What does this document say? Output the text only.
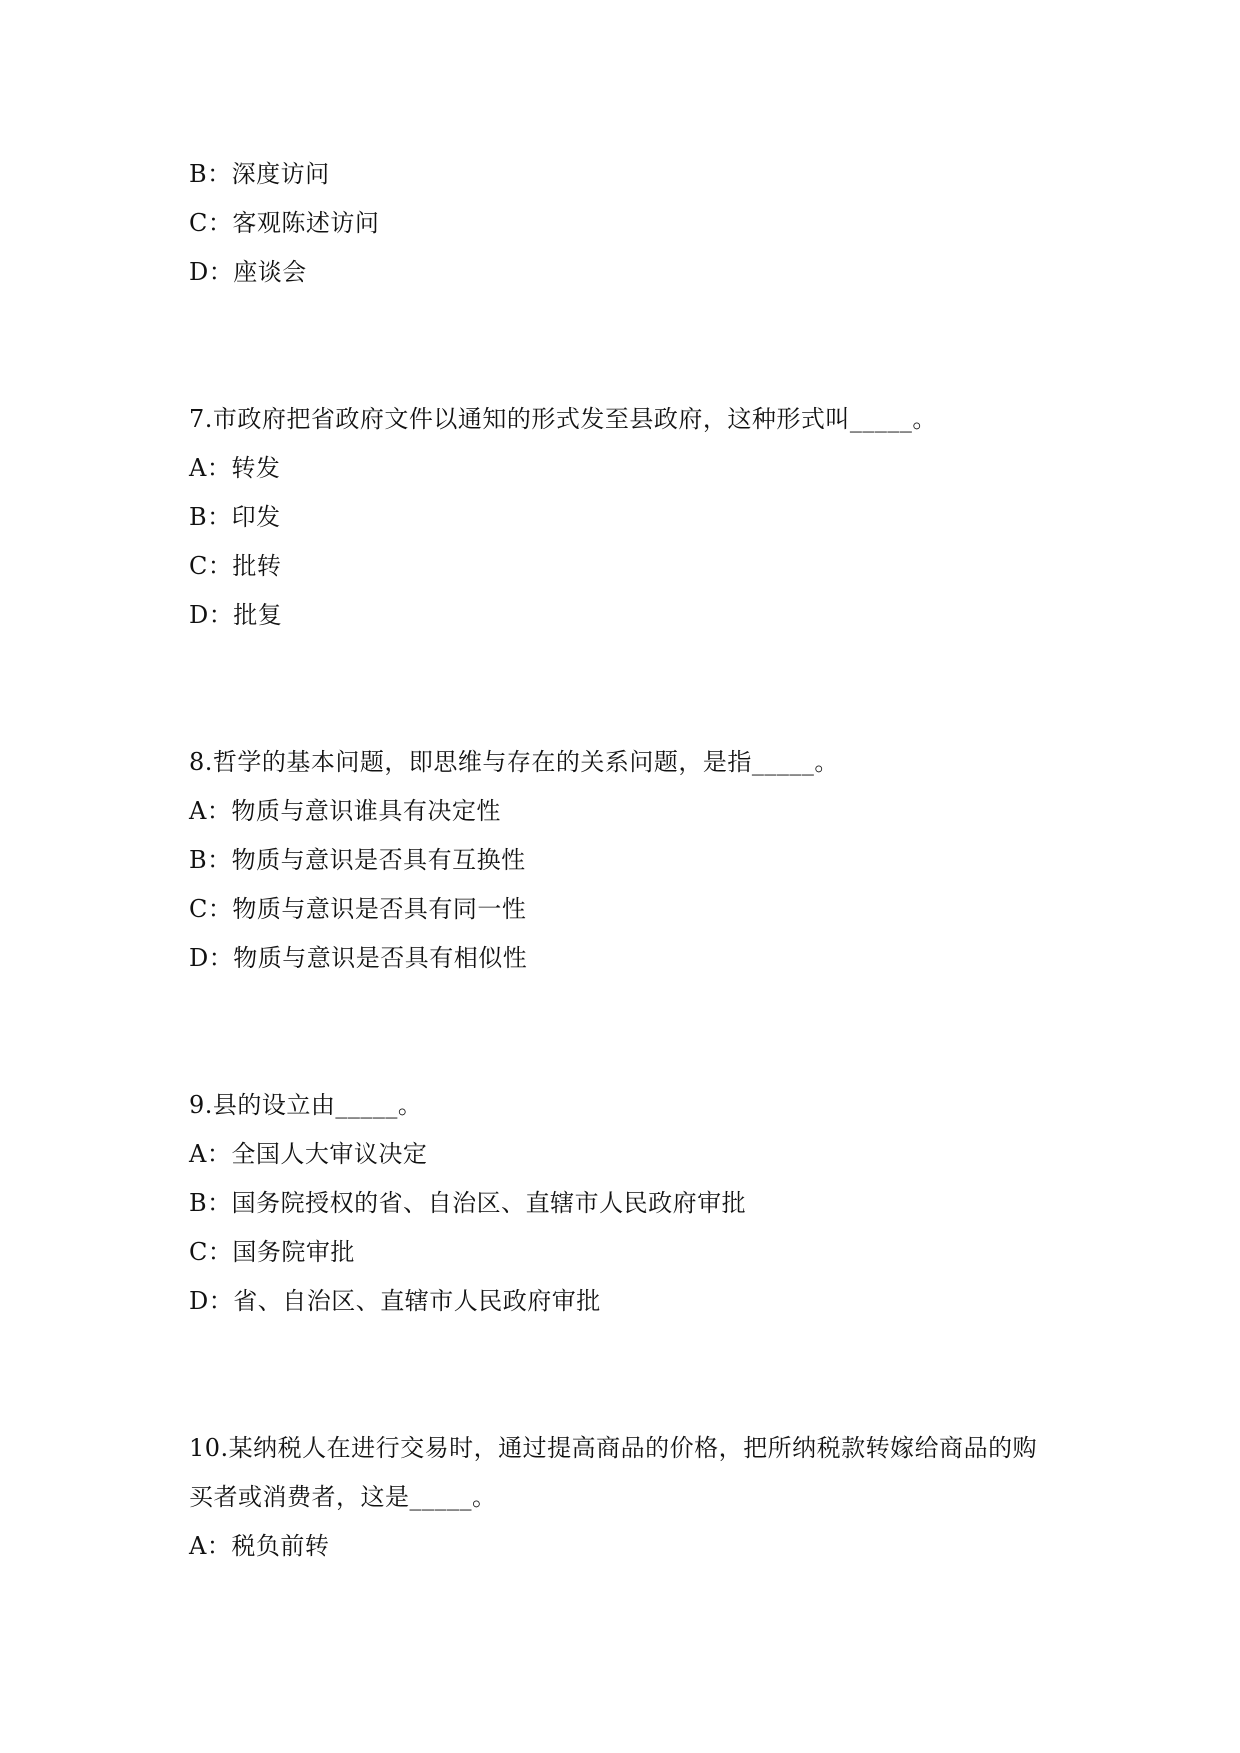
B：深度访问
C：客观陈述访问
D：座谈会
7.市政府把省政府文件以通知的形式发至县政府，这种形式叫_____。
A：转发
B：印发
C：批转
D：批复
8.哲学的基本问题，即思维与存在的关系问题，是指_____。
A：物质与意识谁具有决定性
B：物质与意识是否具有互换性
C：物质与意识是否具有同一性
D：物质与意识是否具有相似性
9.县的设立由_____。
A：全国人大审议决定
B：国务院授权的省、自治区、直辖市人民政府审批
C：国务院审批
D：省、自治区、直辖市人民政府审批
10.某纳税人在进行交易时，通过提高商品的价格，把所纳税款转嫁给商品的购
买者或消费者，这是_____。
A：税负前转
